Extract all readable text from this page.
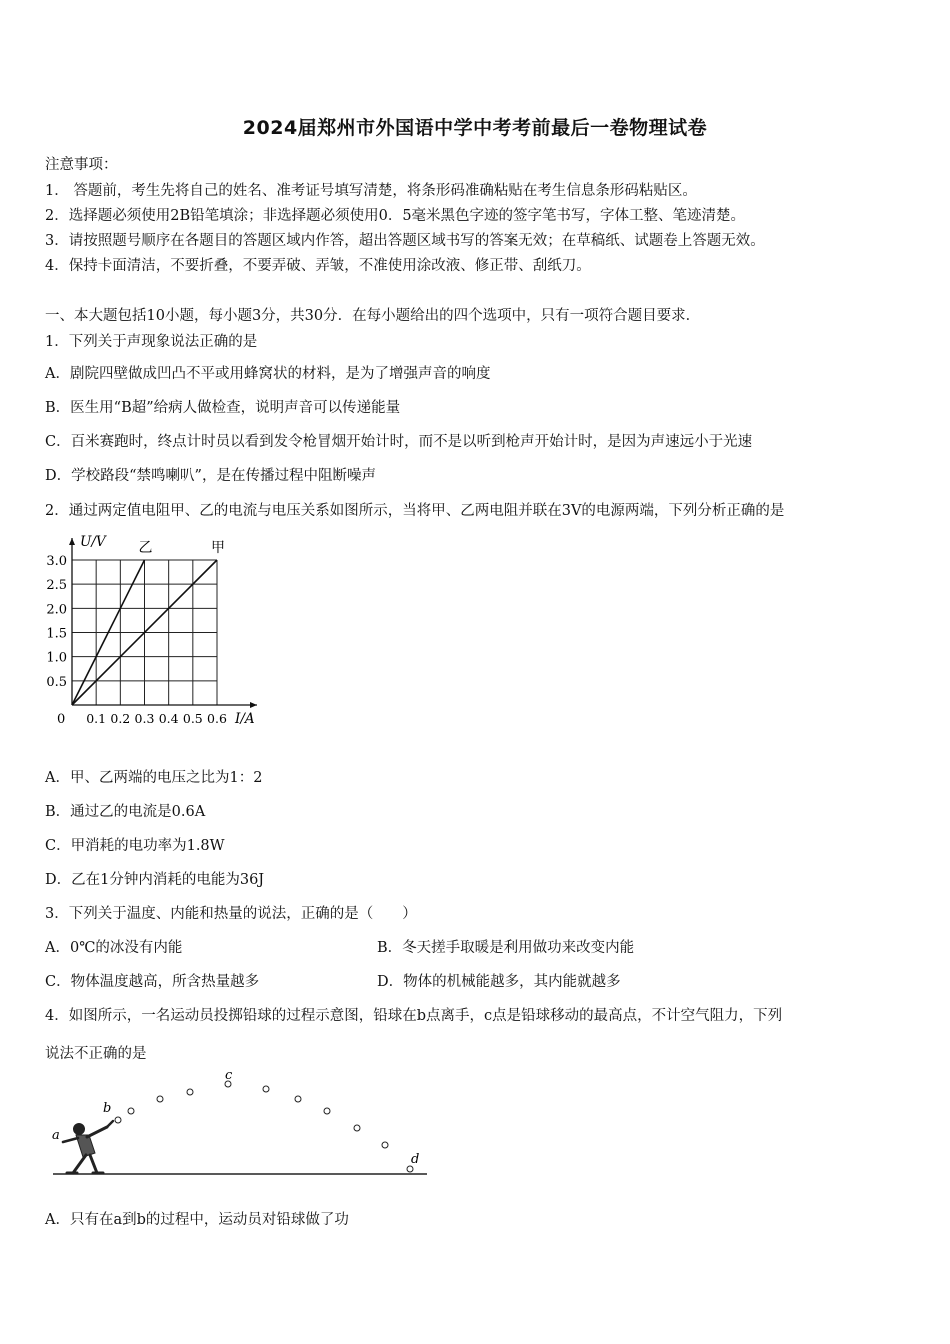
2024届郑州市外国语中学中考考前最后一卷物理试卷
注意事项：
1． 答题前，考生先将自己的姓名、准考证号填写清楚，将条形码准确粘贴在考生信息条形码粘贴区。
2．选择题必须使用2B铅笔填涂；非选择题必须使用0．5毫米黑色字迹的签字笔书写，字体工整、笔迹清楚。
3．请按照题号顺序在各题目的答题区域内作答，超出答题区域书写的答案无效；在草稿纸、试题卷上答题无效。
4．保持卡面清洁，不要折叠，不要弄破、弄皱，不准使用涂改液、修正带、刮纸刀。
一、本大题包括10小题，每小题3分，共30分．在每小题给出的四个选项中，只有一项符合题目要求．
1．下列关于声现象说法正确的是
A．剧院四壁做成凹凸不平或用蜂窝状的材料，是为了增强声音的响度
B．医生用“B超”给病人做检查，说明声音可以传递能量
C．百米赛跑时，终点计时员以看到发令枪冒烟开始计时，而不是以听到枪声开始计时，是因为声速远小于光速
D．学校路段“禁鸣喇叭”，是在传播过程中阻断噪声
2．通过两定值电阻甲、乙的电流与电压关系如图所示，当将甲、乙两电阻并联在3V的电源两端，下列分析正确的是
乙	甲
0.5
1.0
1.5
2.0
2.5
3.0
0 0.1 0.2 0.3 0.4 0.5 0.6 I/A
U/V
A．甲、乙两端的电压之比为1：2
B．通过乙的电流是0.6A
C．甲消耗的电功率为1.8W
D．乙在1分钟内消耗的电能为36J
3．下列关于温度、内能和热量的说法，正确的是（　　）
A．0℃的冰没有内能	B．冬天搓手取暖是利用做功来改变内能
C．物体温度越高，所含热量越多	D．物体的机械能越多，其内能就越多
4．如图所示，一名运动员投掷铅球的过程示意图，铅球在b点离手，c点是铅球移动的最高点，不计空气阻力，下列
说法不正确的是
a
b
c
d
A．只有在a到b的过程中，运动员对铅球做了功
